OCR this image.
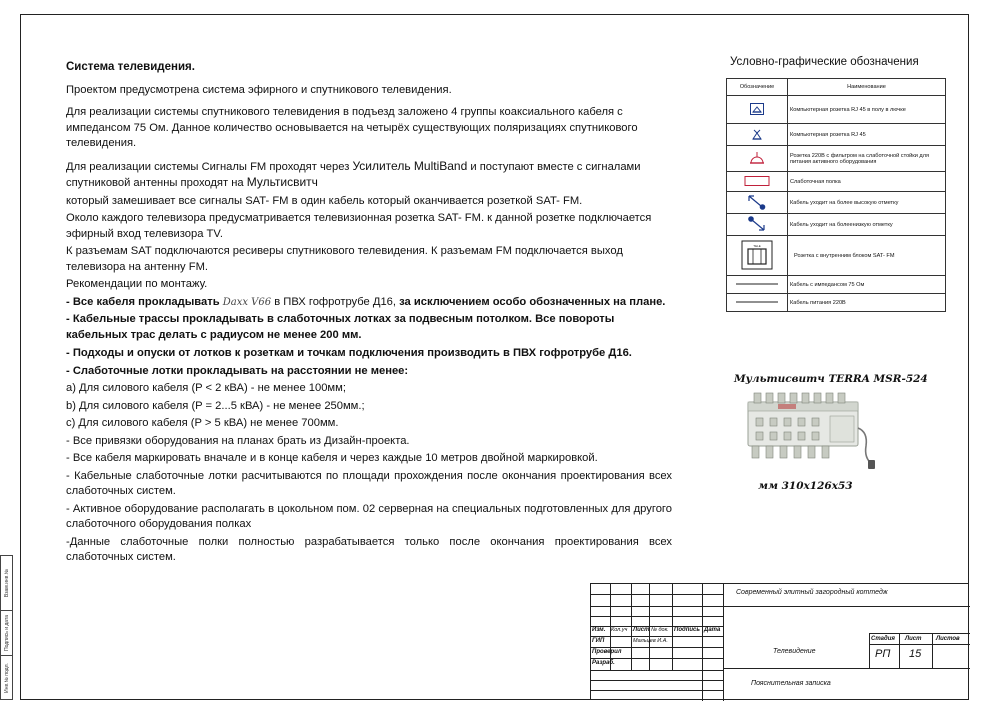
Взам.инв.№
Подпись и дата
Инв.№ подл.

Система телевидения.

Проектом предусмотрена система эфирного и спутникового телевидения.

Для реализации системы спутникового телевидения в подъезд заложено 4 группы коаксиального кабеля с импедансом 75 Ом. Данное количество основывается на четырёх существующих поляризациях спутникового телевидения.

Для реализации системы Сигналы FM проходят через Усилитель MultiBand и поступают вместе с сигналами спутниковой антенны проходят на Мультисвитч

который замешивает все сигналы SAT- FM в один кабель который оканчивается розеткой SAT- FM.

Около каждого телевизора предусматривается телевизионная розетка SAT- FM. к данной розетке подключается эфирный вход телевизора TV.

К разъемам SAT подключаются ресиверы спутникового телевидения. К разъемам FM подключается выход телевизора на антенну FM.

Рекомендации по монтажу.

- Все кабеля прокладывать Daxx V66 в ПВХ гофротрубе Д16, за исключением особо обозначенных на плане.

- Кабельные трассы прокладывать в слаботочных лотках за подвесным потолком. Все повороты кабельных трас делать с радиусом не менее 200 мм.

- Подходы и опуски от лотков к розеткам и точкам подключения производить в ПВХ гофротрубе Д16.

- Слаботочные лотки прокладывать на расстоянии не менее:

а) Для силового кабеля (P < 2 кВА) - не менее 100мм;

b) Для силового кабеля (P = 2...5 кВА) - не менее 250мм.;

c) Для силового кабеля (P > 5 кВА) не менее 700мм.

- Все привязки оборудования на планах брать из Дизайн-проекта.

- Все кабеля маркировать вначале и в конце кабеля и через каждые 10 метров двойной маркировкой.

- Кабельные слаботочные лотки расчитываются по площади прохождения после окончания проектирования всех слаботочных систем.

- Активное оборудование располагать в цокольном пом. 02 серверная на специальных подготовленных для другого слаботочного оборудования полках

-Данные слаботочные полки полностью разрабатывается только после окончания проектирования всех слаботочных систем.

Условно-графические обозначения
Обозначение	Наименование
	Компьютерная розетка RJ 45 в полу в лючке
	Компьютерная розетка RJ 45
	Розетка 220В с фильтром на слаботочной стойки для питания активного оборудования
	Слаботочная полка
	Кабель уходит на более высокую отметку
	Кабель уходит на болеенизкую отметку

TELE	Розетка с внутренним блоком SAT- FM
	Кабель с импедансом 75 Ом
	Кабель питания 220В
Мультисвитч TERRA MSR-524
мм 310х126х53
Современный элитный загородный коттедж
Изм. Кол.уч Лист № док. Подпись Дата
ГИП	Мальцев И.А.
Проверил
Разраб.
Телевидение
Пояснительная записка
Стадия Лист Листов
РП 15
